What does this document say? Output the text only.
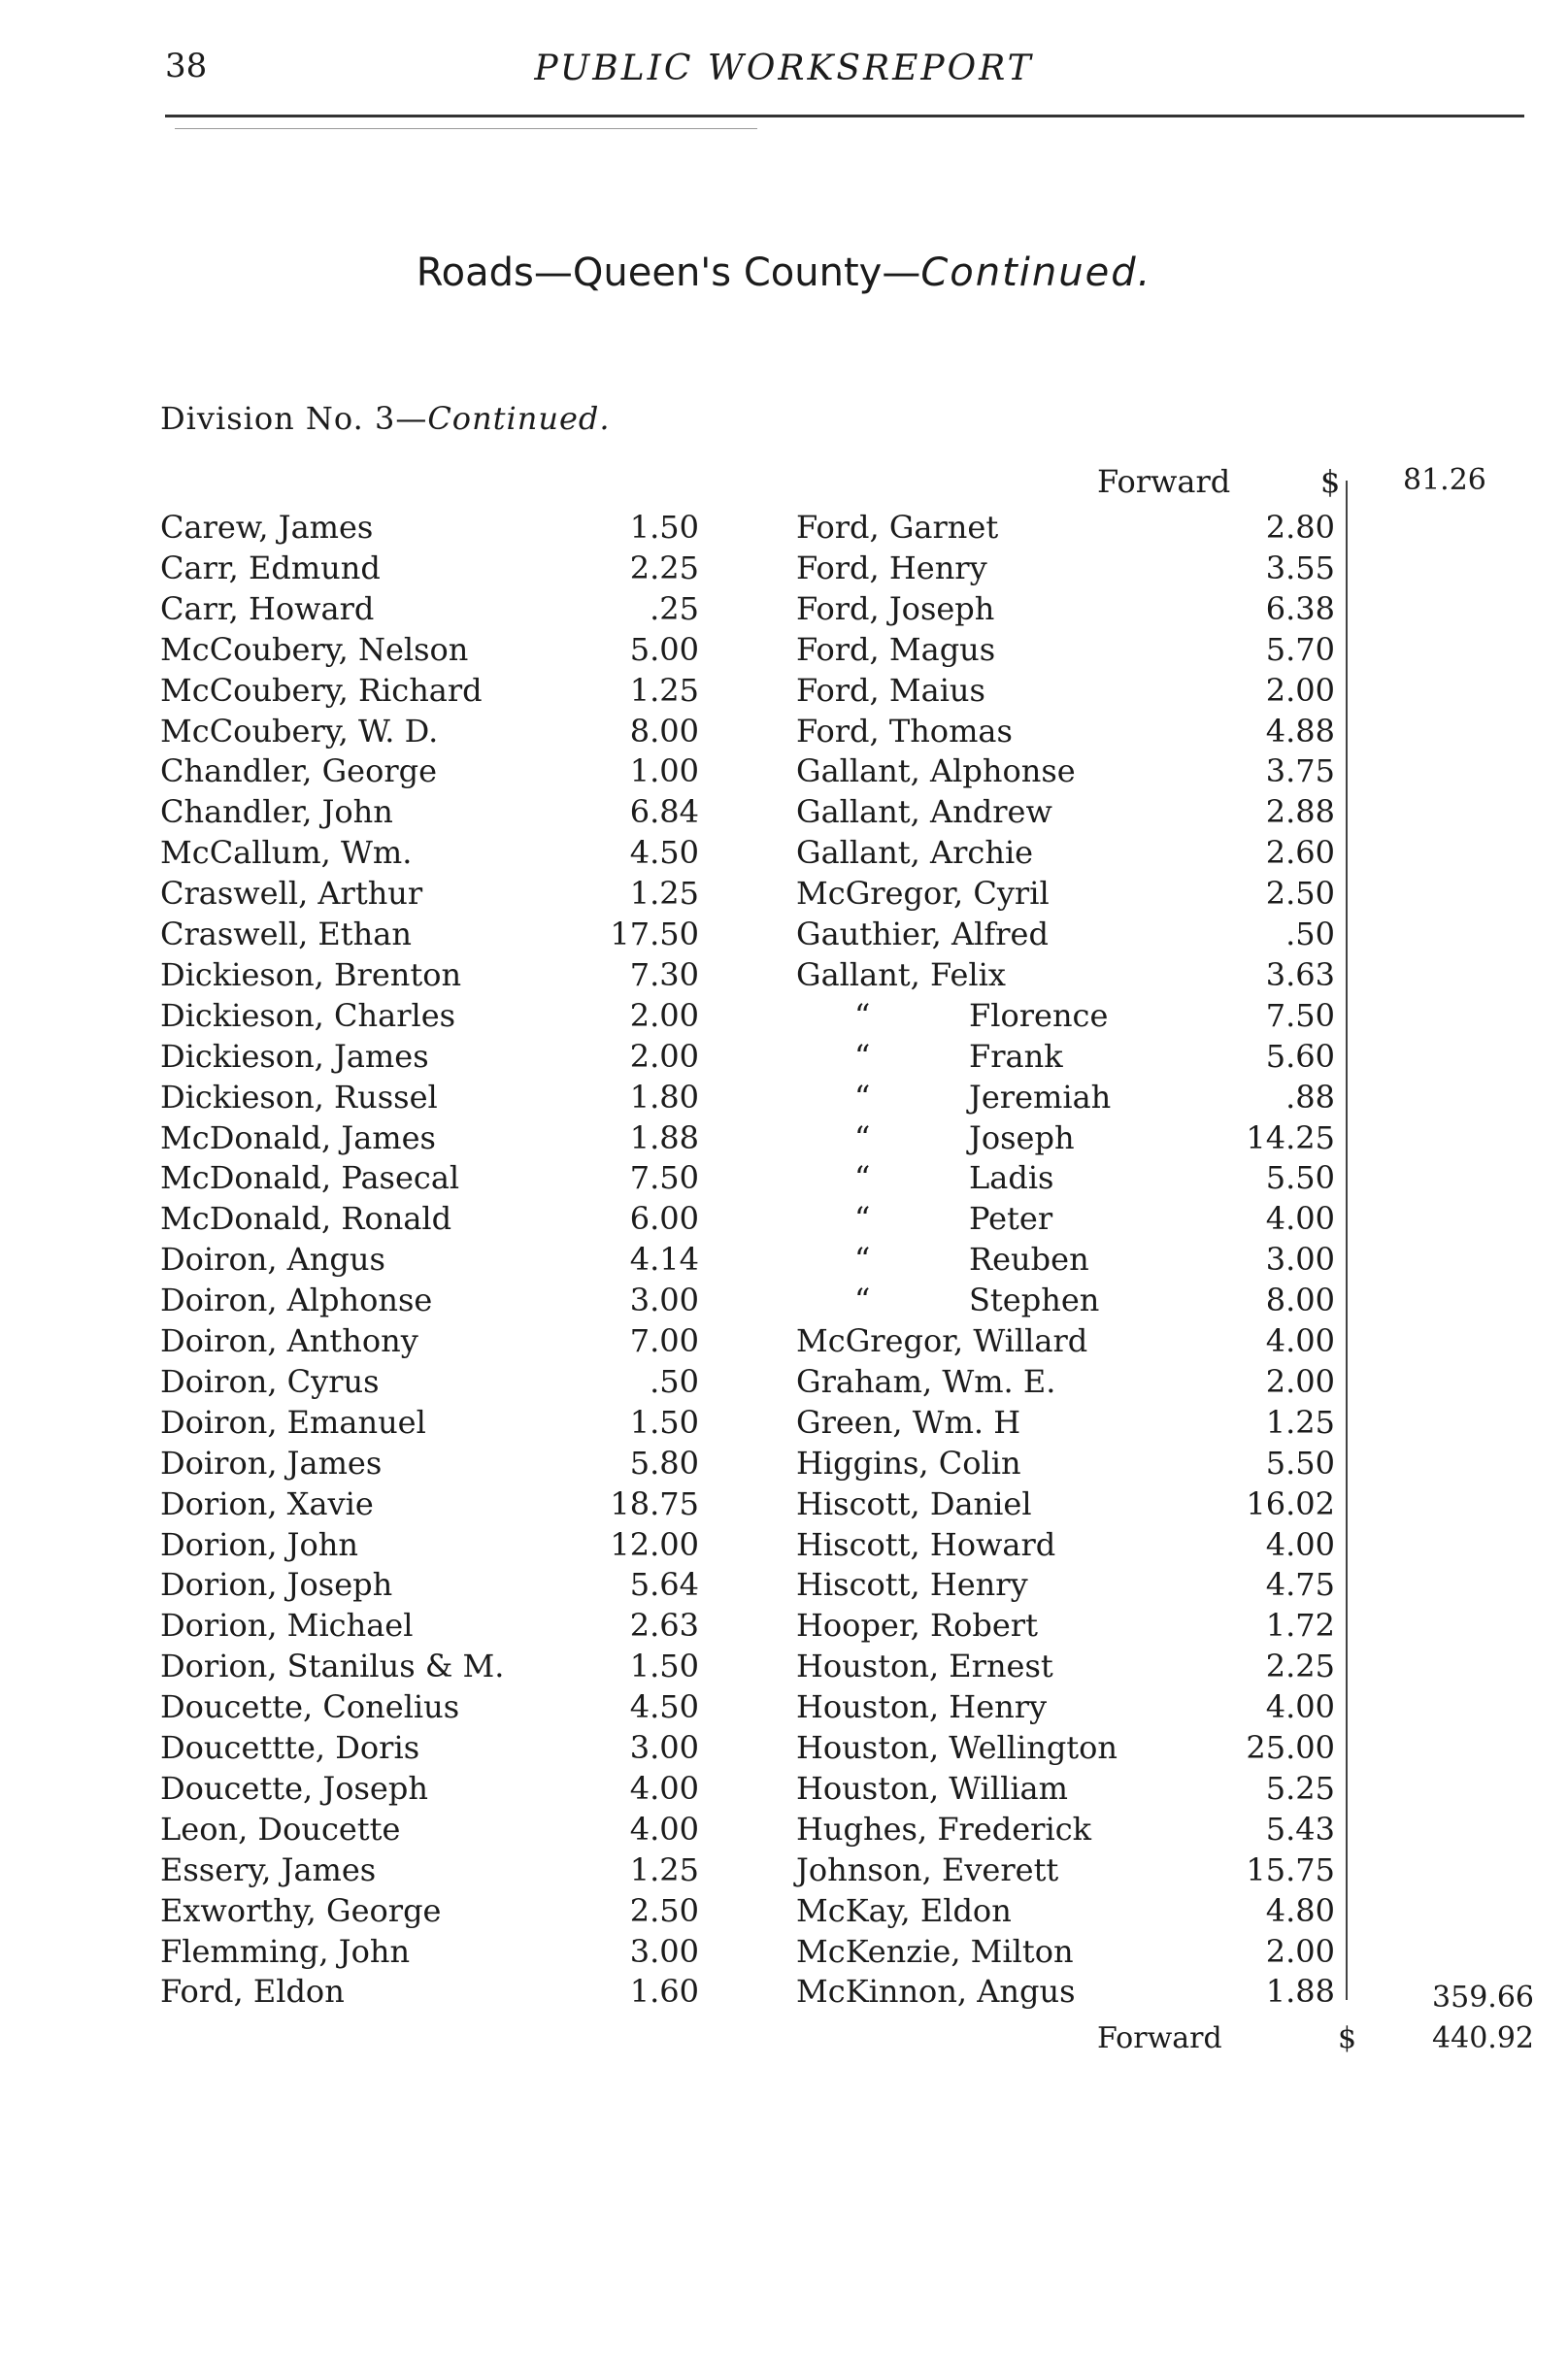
38	PUBLIC WORKSREPORT
Roads—Queen's County—Continued.
Division No. 3—Continued.
Forward	$ 81.26
Carew, James	1.50
Carr, Edmund	2.25
Carr, Howard	.25
McCoubery, Nelson	5.00
McCoubery, Richard	1.25
McCoubery, W. D.	8.00
Chandler, George	1.00
Chandler, John	6.84
McCallum, Wm.	4.50
Craswell, Arthur	1.25
Craswell, Ethan	17.50
Dickieson, Brenton	7.30
Dickieson, Charles	2.00
Dickieson, James	2.00
Dickieson, Russel	1.80
McDonald, James	1.88
McDonald, Pasecal	7.50
McDonald, Ronald	6.00
Doiron, Angus	4.14
Doiron, Alphonse	3.00
Doiron, Anthony	7.00
Doiron, Cyrus	.50
Doiron, Emanuel	1.50
Doiron, James	5.80
Dorion, Xavie	18.75
Dorion, John	12.00
Dorion, Joseph	5.64
Dorion, Michael	2.63
Dorion, Stanilus & M.	1.50
Doucette, Conelius	4.50
Doucettte, Doris	3.00
Doucette, Joseph	4.00
Leon, Doucette	4.00
Essery, James	1.25
Exworthy, George	2.50
Flemming, John	3.00
Ford, Eldon	1.60
Ford, Garnet	2.80
Ford, Henry	3.55
Ford, Joseph	6.38
Ford, Magus	5.70
Ford, Maius	2.00
Ford, Thomas	4.88
Gallant, Alphonse	3.75
Gallant, Andrew	2.88
Gallant, Archie	2.60
McGregor, Cyril	2.50
Gauthier, Alfred	.50
Gallant, Felix	3.63
“	Florence	7.50
“	Frank	5.60
“	Jeremiah	.88
“	Joseph	14.25
“	Ladis	5.50
“	Peter	4.00
“	Reuben	3.00
“	Stephen	8.00
McGregor, Willard	4.00
Graham, Wm. E.	2.00
Green, Wm. H	1.25
Higgins, Colin	5.50
Hiscott, Daniel	16.02
Hiscott, Howard	4.00
Hiscott, Henry	4.75
Hooper, Robert	1.72
Houston, Ernest	2.25
Houston, Henry	4.00
Houston, Wellington	25.00
Houston, William	5.25
Hughes, Frederick	5.43
Johnson, Everett	15.75
McKay, Eldon	4.80
McKenzie, Milton	2.00
McKinnon, Angus	1.88	359.66
Forward	$	440.92
